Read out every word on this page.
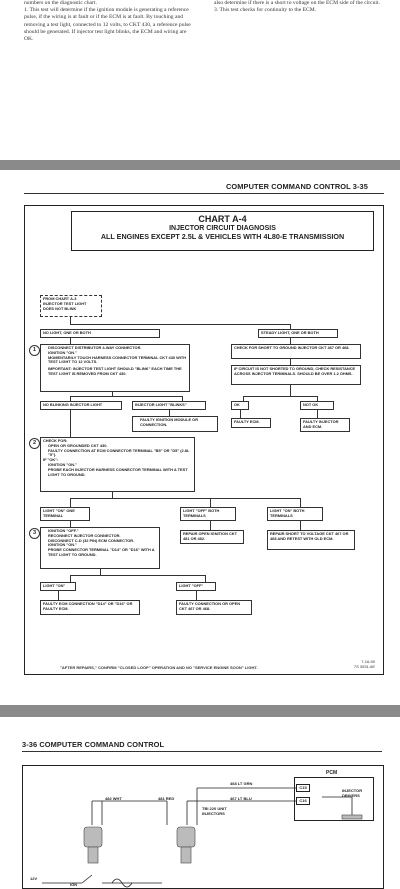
numbers on the diagnostic chart.

1. This test will determine if the ignition module is generating a reference pulse, if the wiring is at fault or if the ECM is at fault. By touching and removing a test light, connected to 12 volts, to CKT 430, a reference pulse should be generated. If injector test light blinks, the ECM and wiring are OK.

also determine if there is a short to voltage on the ECM side of the circuit.

3. This test checks for continuity to the ECM.

COMPUTER COMMAND CONTROL 3-35
CHART A-4
INJECTOR CIRCUIT DIAGNOSIS
ALL ENGINES EXCEPT 2.5L & VEHICLES WITH 4L80-E TRANSMISSION
FROM CHART A-3
INJECTOR TEST LIGHT
DOES NOT BLINK
NO LIGHT, ONE OR BOTH	STEADY LIGHT, ONE OR BOTH
1	• DISCONNECT DISTRIBUTOR 4-WAY CONNECTOR.
• IGNITION "ON."
• MOMENTARILY TOUCH HARNESS CONNECTOR TERMINAL CKT 430 WITH TEST LIGHT TO 12 VOLTS.
IMPORTANT: INJECTOR TEST LIGHT SHOULD "BLINK" EACH TIME THE TEST LIGHT IS REMOVED FROM CKT 430.
CHECK FOR SHORT TO GROUND INJECTOR CKT 467 OR 468.
IF CIRCUIT IS NOT SHORTED TO GROUND, CHECK RESISTANCE ACROSS INJECTOR TERMINALS. SHOULD BE OVER 1.2 OHMS.
NO BLINKING INJECTOR LIGHT	INJECTOR LIGHT "BLINKS"
• FAULTY IGNITION MODULE OR CONNECTION.
OK	NOT OK
FAULTY ECM.	FAULTY INJECTOR AND ECM.
2	CHECK FOR:
• OPEN OR GROUNDED CKT 430.
• FAULTY CONNECTION AT ECM CONNECTOR TERMINAL "B5" OR "D5" (2.8L "5").
IF "OK":
• IGNITION "ON."
• PROBE EACH INJECTOR HARNESS CONNECTOR TERMINAL WITH A TEST LIGHT TO GROUND.
LIGHT "ON" ONE TERMINAL
LIGHT "OFF" BOTH TERMINALS
LIGHT "ON" BOTH TERMINALS
3	• IGNITION "OFF."
• RECONNECT INJECTOR CONNECTOR.
• DISCONNECT C-D (32 PIN) ECM CONNECTOR.
• IGNITION "ON."
• PROBE CONNECTOR TERMINAL "D14" OR "D16" WITH A TEST LIGHT TO GROUND.
REPAIR OPEN IGNITION CKT 481 OR 482.
REPAIR SHORT TO VOLTAGE CKT 467 OR 468 AND RETEST WITH OLD ECM.
LIGHT "ON"	LIGHT "OFF"
FAULTY ECM CONNECTION "D14" OR "D16" OR FAULTY ECM.
FAULTY CONNECTION OR OPEN CKT 467 OR 468.
"AFTER REPAIRS," CONFIRM "CLOSED LOOP" OPERATION AND NO "SERVICE ENGINE SOON" LIGHT.
7-16-90
7S 3931-6E
3-36 COMPUTER COMMAND CONTROL
PCM
C15
C16
INJECTOR DRIVERS
468 LT GRN
467 LT BLU
482 WHT	481 RED
TBI 220 UNIT INJECTORS
12V
IGN
